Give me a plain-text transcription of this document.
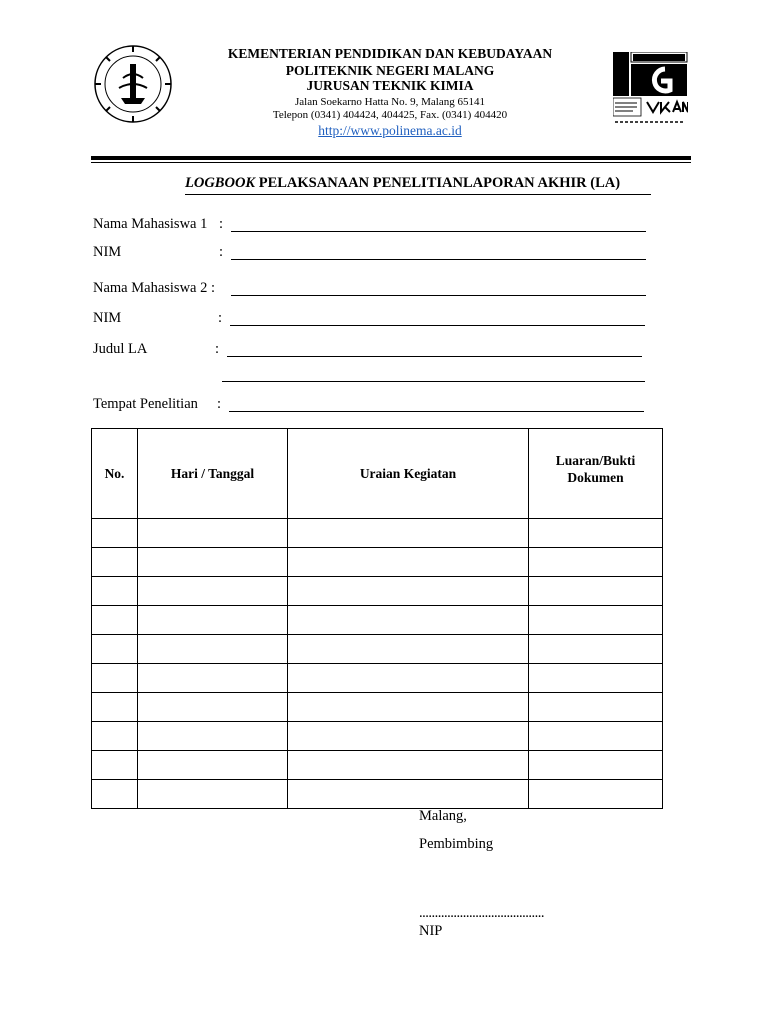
KEMENTERIAN PENDIDIKAN DAN KEBUDAYAAN
POLITEKNIK NEGERI MALANG
JURUSAN TEKNIK KIMIA
Jalan Soekarno Hatta No. 9, Malang 65141
Telepon (0341) 404424, 404425, Fax. (0341) 404420
http://www.polinema.ac.id
LOGBOOK PELAKSANAAN PENELITIANLAPORAN AKHIR (LA)
Nama Mahasiswa 1 :
NIM	:
Nama Mahasiswa 2 :
NIM	:
Judul LA	:
Tempat Penelitian :
No.	Hari / Tanggal	Uraian Kegiatan	Luaran/Bukti Dokumen

Malang,
Pembimbing
........................................
NIP
